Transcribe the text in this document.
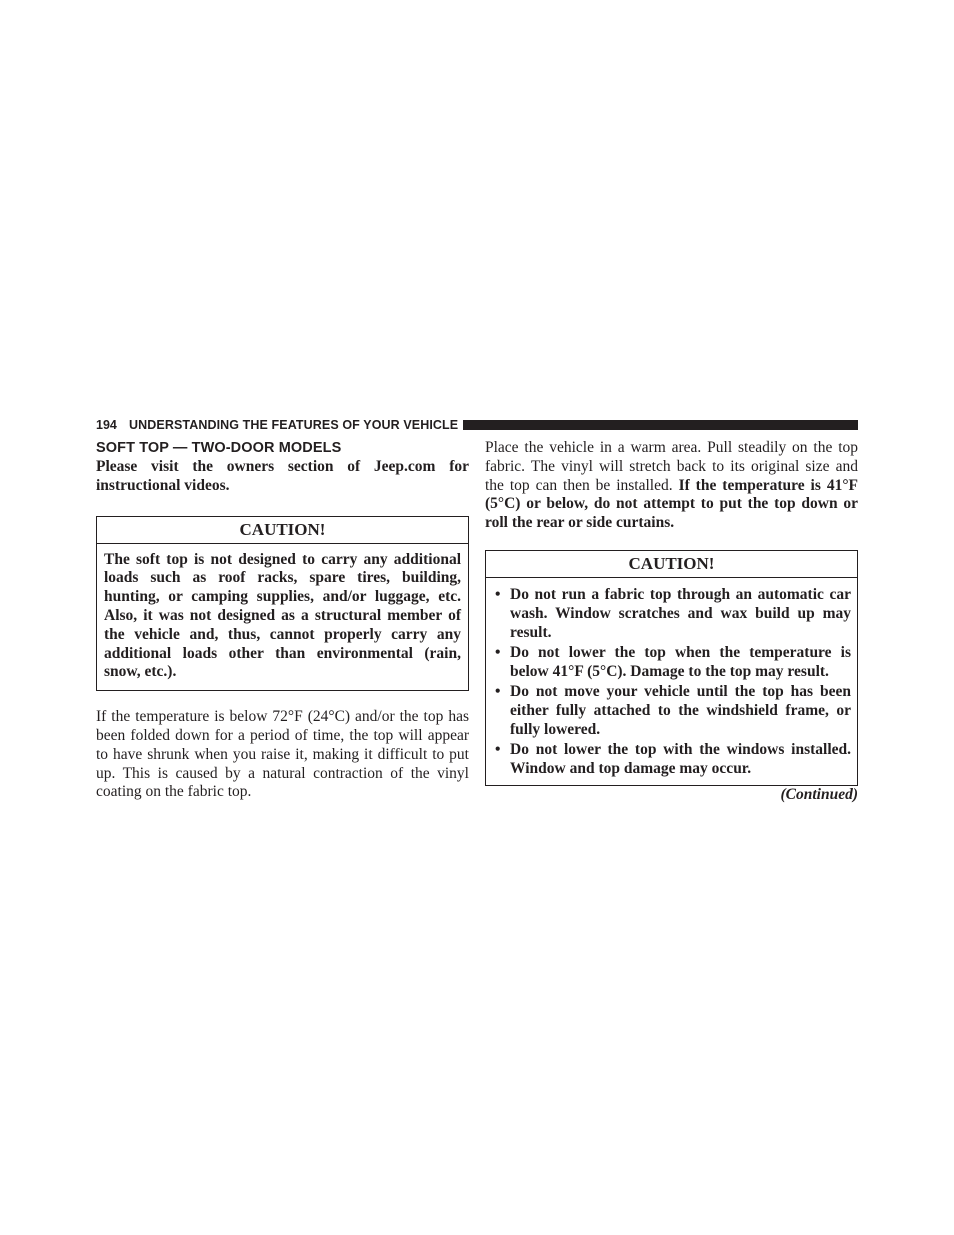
194 UNDERSTANDING THE FEATURES OF YOUR VEHICLE
SOFT TOP — TWO-DOOR MODELS

Please visit the owners section of Jeep.com for instructional videos.

CAUTION!
The soft top is not designed to carry any additional loads such as roof racks, spare tires, building, hunting, or camping supplies, and/or luggage, etc. Also, it was not designed as a structural member of the vehicle and, thus, cannot properly carry any additional loads other than environmental (rain, snow, etc.).

If the temperature is below 72°F (24°C) and/or the top has been folded down for a period of time, the top will appear to have shrunk when you raise it, making it difficult to put up. This is caused by a natural contraction of the vinyl coating on the fabric top.

Place the vehicle in a warm area. Pull steadily on the top fabric. The vinyl will stretch back to its original size and the top can then be installed. If the temperature is 41°F (5°C) or below, do not attempt to put the top down or roll the rear or side curtains.

CAUTION!
• Do not run a fabric top through an automatic car wash. Window scratches and wax build up may result.
• Do not lower the top when the temperature is below 41°F (5°C). Damage to the top may result.
• Do not move your vehicle until the top has been either fully attached to the windshield frame, or fully lowered.
• Do not lower the top with the windows installed. Window and top damage may occur.
(Continued)
